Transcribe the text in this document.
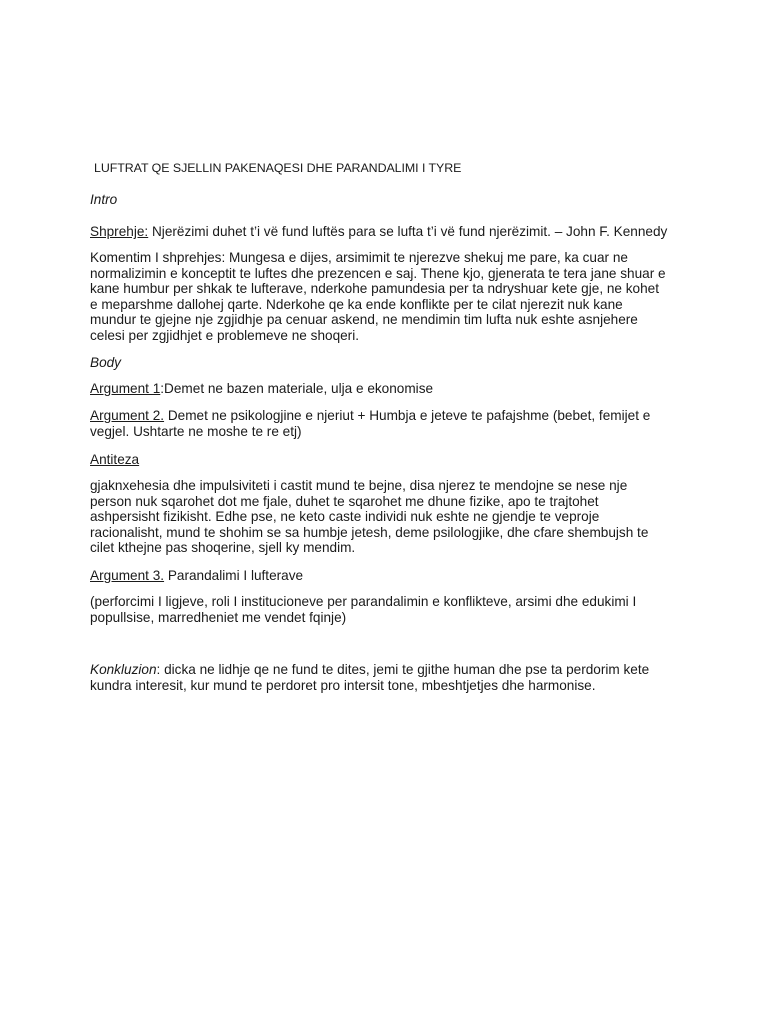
LUFTRAT QE SJELLIN PAKENAQESI DHE PARANDALIMI I TYRE

Intro

Shprehje: Njerëzimi duhet t’i vë fund luftës para se lufta t’i vë fund njerëzimit. – John F. Kennedy

Komentim I shprehjes: Mungesa e dijes, arsimimit te njerezve shekuj me pare, ka cuar ne normalizimin e konceptit te luftes dhe prezencen e saj. Thene kjo, gjenerata te tera jane shuar e kane humbur per shkak te lufterave, nderkohe pamundesia per ta ndryshuar kete gje, ne kohet e meparshme dallohej qarte. Nderkohe qe ka ende konflikte per te cilat njerezit nuk kane mundur te gjejne nje zgjidhje pa cenuar askend, ne mendimin tim lufta nuk eshte asnjehere celesi per zgjidhjet e problemeve ne shoqeri.

Body

Argument 1:Demet ne bazen materiale, ulja e ekonomise

Argument 2. Demet ne psikologjine e njeriut + Humbja e jeteve te pafajshme (bebet, femijet e vegjel. Ushtarte ne moshe te re etj)

Antiteza

gjaknxehesia dhe impulsiviteti i castit mund te bejne, disa njerez te mendojne se nese nje person nuk sqarohet dot me fjale, duhet te sqarohet me dhune fizike, apo te trajtohet ashpersisht fizikisht. Edhe pse, ne keto caste individi nuk eshte ne gjendje te veproje racionalisht, mund te shohim se sa humbje jetesh, deme psilologjike, dhe cfare shembujsh te cilet kthejne pas shoqerine, sjell ky mendim.

Argument 3. Parandalimi I lufterave

(perforcimi I ligjeve, roli I institucioneve per parandalimin e konflikteve, arsimi dhe edukimi I popullsise, marredheniet me vendet fqinje)

Konkluzion: dicka ne lidhje qe ne fund te dites, jemi te gjithe human dhe pse ta perdorim kete kundra interesit, kur mund te perdoret pro intersit tone, mbeshtjetjes dhe harmonise.
